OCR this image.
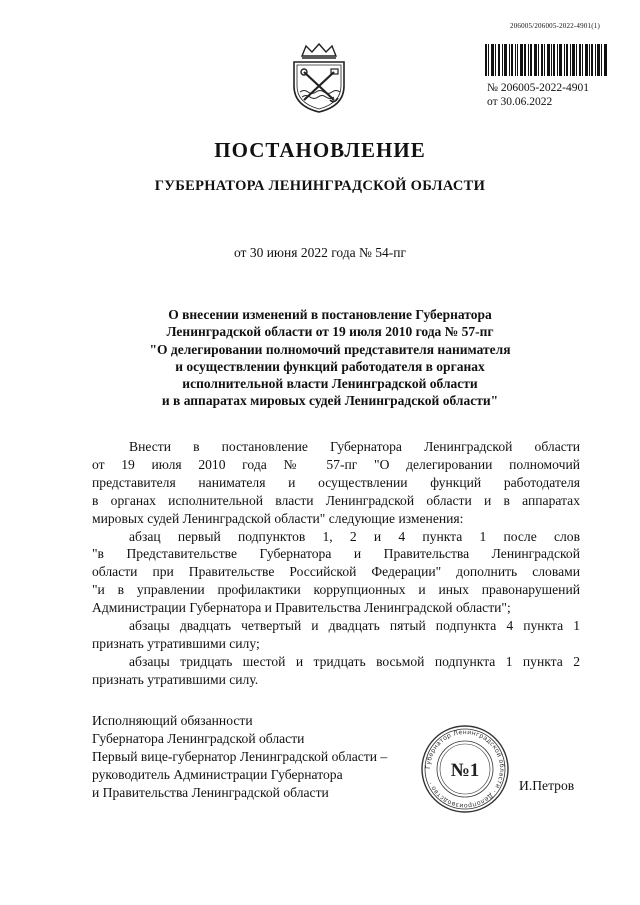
206005/206005-2022-4901(1)
№ 206005-2022-4901
от 30.06.2022
ПОСТАНОВЛЕНИЕ
ГУБЕРНАТОРА ЛЕНИНГРАДСКОЙ ОБЛАСТИ
от 30 июня 2022 года № 54-пг
О внесении изменений в постановление Губернатора
Ленинградской области от 19 июля 2010 года № 57-пг
"О делегировании полномочий представителя нанимателя
и осуществлении функций работодателя в органах
исполнительной власти Ленинградской области
и в аппаратах мировых судей Ленинградской области"
Внести в постановление Губернатора Ленинградской области
от 19 июля 2010 года № 57-пг "О делегировании полномочий
представителя нанимателя и осуществлении функций работодателя
в органах исполнительной власти Ленинградской области и в аппаратах
мировых судей Ленинградской области" следующие изменения:
абзац первый подпунктов 1, 2 и 4 пункта 1 после слов
"в Представительстве Губернатора и Правительства Ленинградской
области при Правительстве Российской Федерации" дополнить словами
"и в управлении профилактики коррупционных и иных правонарушений
Администрации Губернатора и Правительства Ленинградской области";
абзацы двадцать четвертый и двадцать пятый подпункта 4 пункта 1
признать утратившими силу;
абзацы тридцать шестой и тридцать восьмой подпункта 1 пункта 2
признать утратившими силу.
Исполняющий обязанности
Губернатора Ленинградской области
Первый вице-губернатор Ленинградской области –
руководитель Администрации Губернатора
и Правительства Ленинградской области
Губернатор Ленинградской области · Делопроизводство ·
№1
И.Петров
